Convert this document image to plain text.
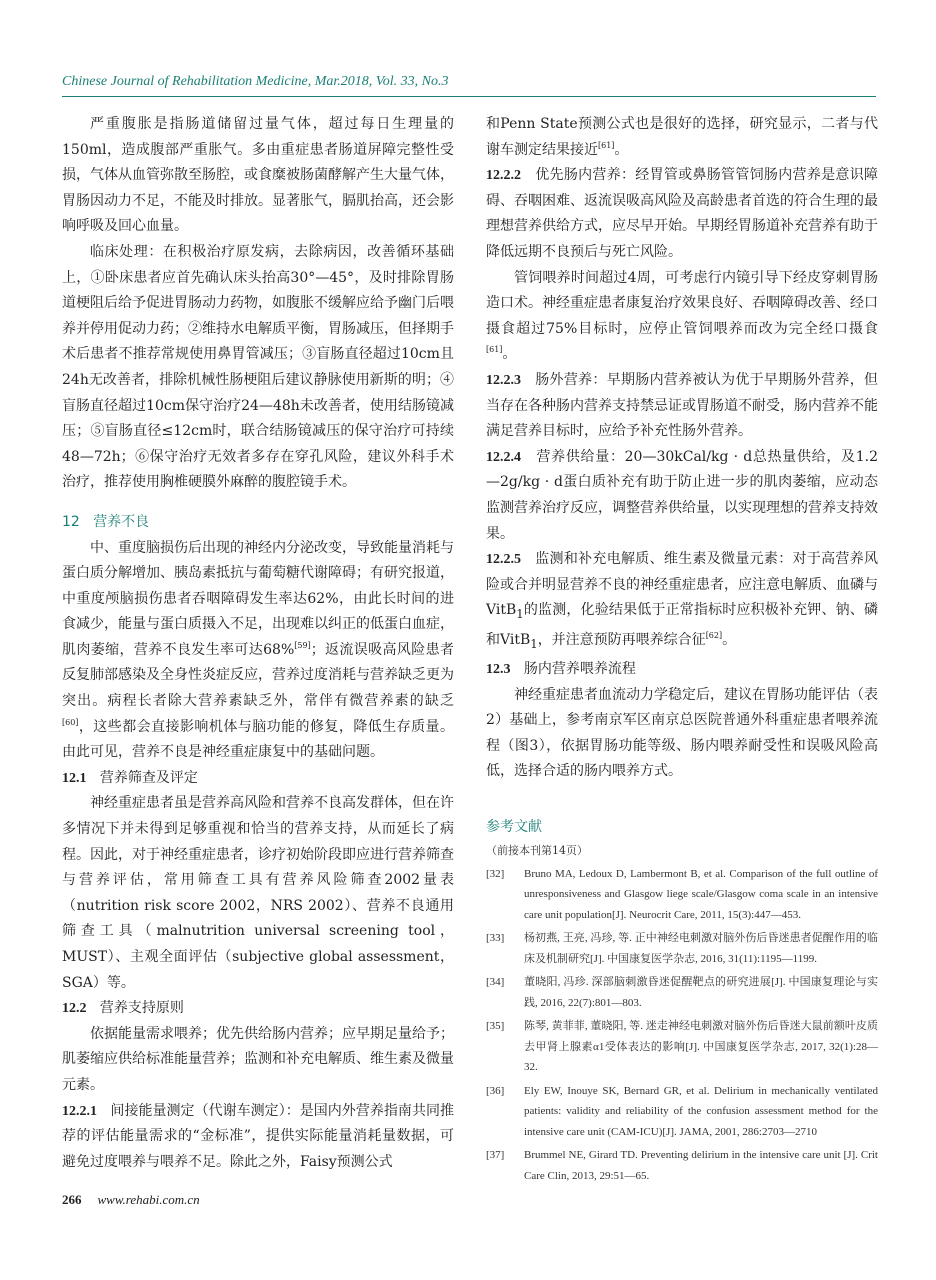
Chinese Journal of Rehabilitation Medicine, Mar.2018, Vol. 33, No.3

严重腹胀是指肠道储留过量气体，超过每日生理量的150ml，造成腹部严重胀气。多由重症患者肠道屏障完整性受损，气体从血管弥散至肠腔，或食糜被肠菌酵解产生大量气体，胃肠因动力不足，不能及时排放。显著胀气，膈肌抬高，还会影响呼吸及回心血量。

临床处理：在积极治疗原发病，去除病因，改善循环基础上，①卧床患者应首先确认床头抬高30°—45°，及时排除胃肠道梗阻后给予促进胃肠动力药物，如腹胀不缓解应给予幽门后喂养并停用促动力药；②维持水电解质平衡，胃肠减压，但择期手术后患者不推荐常规使用鼻胃管减压；③盲肠直径超过10cm且24h无改善者，排除机械性肠梗阻后建议静脉使用新斯的明；④盲肠直径超过10cm保守治疗24—48h未改善者，使用结肠镜减压；⑤盲肠直径≤12cm时，联合结肠镜减压的保守治疗可持续48—72h；⑥保守治疗无效者多存在穿孔风险，建议外科手术治疗，推荐使用胸椎硬膜外麻醉的腹腔镜手术。

12 营养不良

中、重度脑损伤后出现的神经内分泌改变，导致能量消耗与蛋白质分解增加、胰岛素抵抗与葡萄糖代谢障碍；有研究报道，中重度颅脑损伤患者吞咽障碍发生率达62%，由此长时间的进食减少，能量与蛋白质摄入不足，出现难以纠正的低蛋白血症，肌肉萎缩，营养不良发生率可达68%[59]；返流误吸高风险患者反复肺部感染及全身性炎症反应，营养过度消耗与营养缺乏更为突出。病程长者除大营养素缺乏外，常伴有微营养素的缺乏[60]，这些都会直接影响机体与脑功能的修复，降低生存质量。由此可见，营养不良是神经重症康复中的基础问题。

12.1 营养筛查及评定

神经重症患者虽是营养高风险和营养不良高发群体，但在许多情况下并未得到足够重视和恰当的营养支持，从而延长了病程。因此，对于神经重症患者，诊疗初始阶段即应进行营养筛查与营养评估，常用筛查工具有营养风险筛查2002量表（nutrition risk score 2002，NRS 2002）、营养不良通用筛查工具（malnutrition universal screening tool，MUST）、主观全面评估（subjective global assessment，SGA）等。

12.2 营养支持原则

依据能量需求喂养；优先供给肠内营养；应早期足量给予；肌萎缩应供给标准能量营养；监测和补充电解质、维生素及微量元素。

12.2.1 间接能量测定（代谢车测定）：是国内外营养指南共同推荐的评估能量需求的“金标准”，提供实际能量消耗量数据，可避免过度喂养与喂养不足。除此之外，Faisy预测公式

和Penn State预测公式也是很好的选择，研究显示，二者与代谢车测定结果接近[61]。

12.2.2 优先肠内营养：经胃管或鼻肠管管饲肠内营养是意识障碍、吞咽困难、返流误吸高风险及高龄患者首选的符合生理的最理想营养供给方式，应尽早开始。早期经胃肠道补充营养有助于降低远期不良预后与死亡风险。

管饲喂养时间超过4周，可考虑行内镜引导下经皮穿刺胃肠造口术。神经重症患者康复治疗效果良好、吞咽障碍改善、经口摄食超过75%目标时，应停止管饲喂养而改为完全经口摄食[61]。

12.2.3 肠外营养：早期肠内营养被认为优于早期肠外营养，但当存在各种肠内营养支持禁忌证或胃肠道不耐受，肠内营养不能满足营养目标时，应给予补充性肠外营养。

12.2.4 营养供给量：20—30kCal/kg · d总热量供给，及1.2—2g/kg · d蛋白质补充有助于防止进一步的肌肉萎缩，应动态监测营养治疗反应，调整营养供给量，以实现理想的营养支持效果。

12.2.5 监测和补充电解质、维生素及微量元素：对于高营养风险或合并明显营养不良的神经重症患者，应注意电解质、血磷与VitB$_1$的监测，化验结果低于正常指标时应积极补充钾、钠、磷和VitB$_1$，并注意预防再喂养综合征[62]。

12.3 肠内营养喂养流程

神经重症患者血流动力学稳定后，建议在胃肠功能评估（表2）基础上，参考南京军区南京总医院普通外科重症患者喂养流程（图3），依据胃肠功能等级、肠内喂养耐受性和误吸风险高低，选择合适的肠内喂养方式。

参考文献
（前接本刊第14页）
[32]	Bruno MA, Ledoux D, Lambermont B, et al. Comparison of the full outline of unresponsiveness and Glasgow liege scale/Glasgow coma scale in an intensive care unit population[J]. Neurocrit Care, 2011, 15(3):447—453.
[33]	杨初燕, 王亮, 冯珍, 等. 正中神经电刺激对脑外伤后昏迷患者促醒作用的临床及机制研究[J]. 中国康复医学杂志, 2016, 31(11):1195—1199.
[34]	董晓阳, 冯珍. 深部脑刺激昏迷促醒靶点的研究进展[J]. 中国康复理论与实践, 2016, 22(7):801—803.
[35]	陈琴, 黄菲菲, 董晓阳, 等. 迷走神经电刺激对脑外伤后昏迷大鼠前额叶皮质去甲肾上腺素α1受体表达的影响[J]. 中国康复医学杂志, 2017, 32(1):28—32.
[36]	Ely EW, Inouye SK, Bernard GR, et al. Delirium in mechanically ventilated patients: validity and reliability of the confusion assessment method for the intensive care unit (CAM-ICU)[J]. JAMA, 2001, 286:2703—2710
[37]	Brummel NE, Girard TD. Preventing delirium in the intensive care unit [J]. Crit Care Clin, 2013, 29:51—65.
266 www.rehabi.com.cn
